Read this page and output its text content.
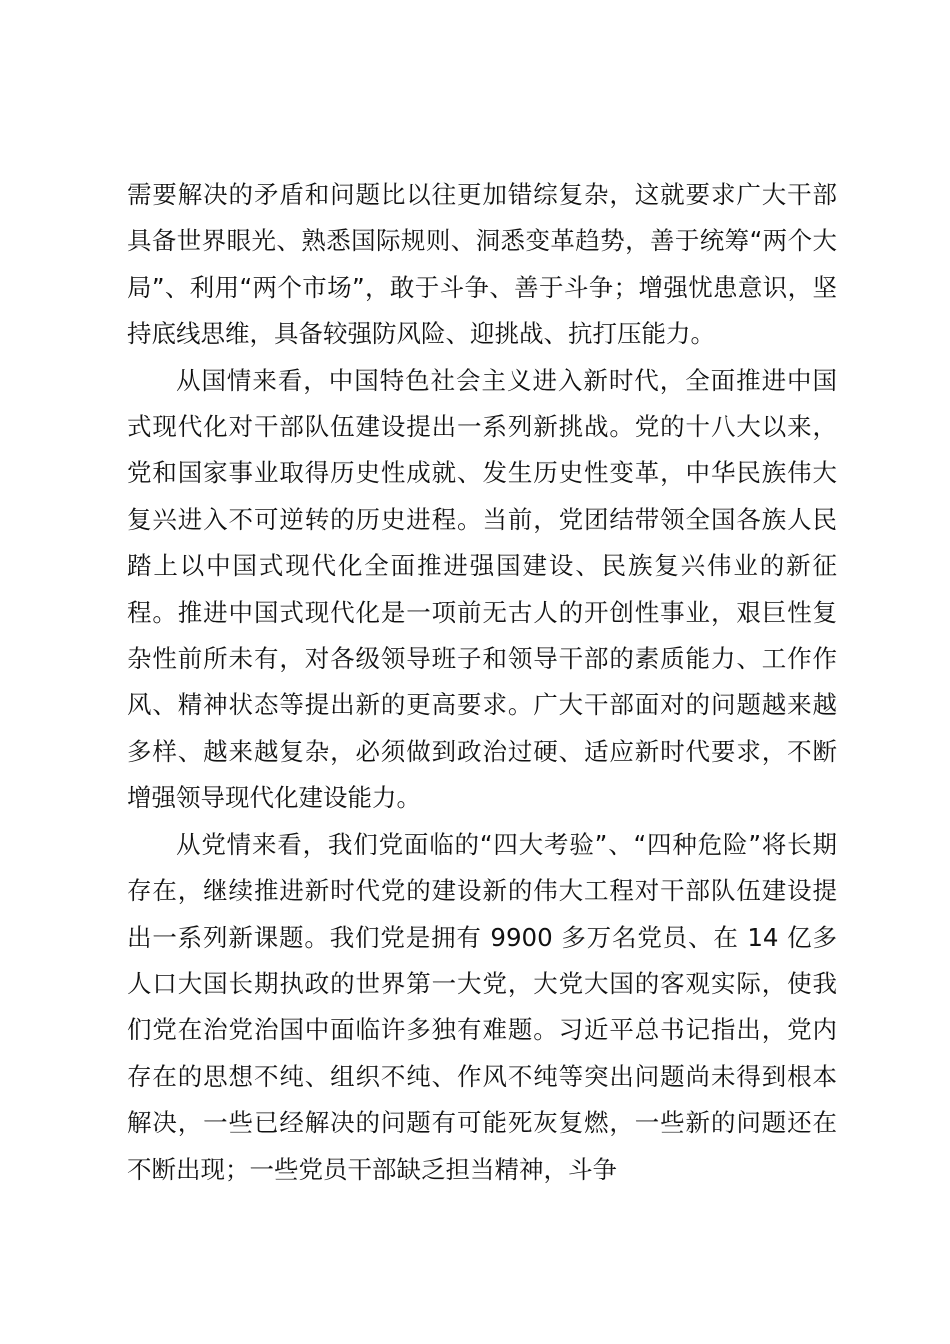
需要解决的矛盾和问题比以往更加错综复杂，这就要求广大干部具备世界眼光、熟悉国际规则、洞悉变革趋势，善于统筹“两个大局”、利用“两个市场”，敢于斗争、善于斗争；增强忧患意识，坚持底线思维，具备较强防风险、迎挑战、抗打压能力。

从国情来看，中国特色社会主义进入新时代，全面推进中国式现代化对干部队伍建设提出一系列新挑战。党的十八大以来，党和国家事业取得历史性成就、发生历史性变革，中华民族伟大复兴进入不可逆转的历史进程。当前，党团结带领全国各族人民踏上以中国式现代化全面推进强国建设、民族复兴伟业的新征程。推进中国式现代化是一项前无古人的开创性事业，艰巨性复杂性前所未有，对各级领导班子和领导干部的素质能力、工作作风、精神状态等提出新的更高要求。广大干部面对的问题越来越多样、越来越复杂，必须做到政治过硬、适应新时代要求，不断增强领导现代化建设能力。

从党情来看，我们党面临的“四大考验”、“四种危险”将长期存在，继续推进新时代党的建设新的伟大工程对干部队伍建设提出一系列新课题。我们党是拥有 9900 多万名党员、在 14 亿多人口大国长期执政的世界第一大党，大党大国的客观实际，使我们党在治党治国中面临许多独有难题。习近平总书记指出，党内存在的思想不纯、组织不纯、作风不纯等突出问题尚未得到根本解决，一些已经解决的问题有可能死灰复燃，一些新的问题还在不断出现；一些党员干部缺乏担当精神，斗争
